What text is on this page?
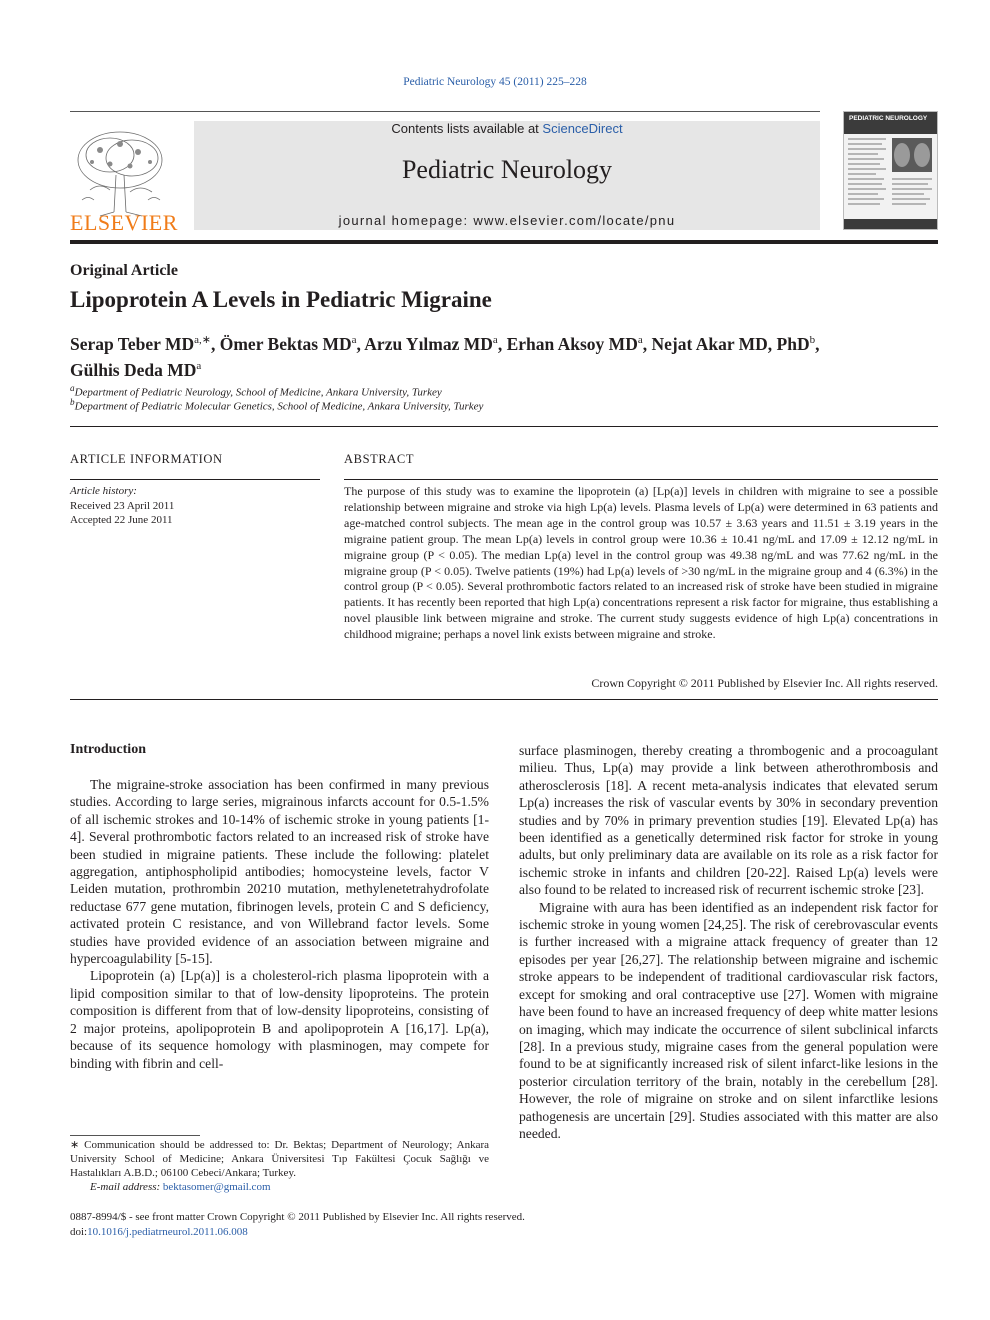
Pediatric Neurology 45 (2011) 225–228
ELSEVIER
Contents lists available at ScienceDirect
Pediatric Neurology
journal homepage: www.elsevier.com/locate/pnu
PEDIATRIC NEUROLOGY
Original Article
Lipoprotein A Levels in Pediatric Migraine
Serap Teber $MD^{a,∗}$, Ömer Bektas $MD^a$, Arzu Yılmaz $MD^a$, Erhan Aksoy $MD^a$, Nejat Akar MD, PhD$^b$,
Gülhis Deda $MD^a$
$^a$Department of Pediatric Neurology, School of Medicine, Ankara University, Turkey
$^b$Department of Pediatric Molecular Genetics, School of Medicine, Ankara University, Turkey
ARTICLE INFORMATION	ABSTRACT
Article history:
Received 23 April 2011
Accepted 22 June 2011
The purpose of this study was to examine the lipoprotein (a) [Lp(a)] levels in children with migraine to see a possible relationship between migraine and stroke via high Lp(a) levels. Plasma levels of Lp(a) were determined in 63 patients and age-matched control subjects. The mean age in the control group was 10.57 ± 3.63 years and 11.51 ± 3.19 years in the migraine patient group. The mean Lp(a) levels in control group were 10.36 ± 10.41 ng/mL and 17.09 ± 12.12 ng/mL in migraine group (P < 0.05). The median Lp(a) level in the control group was 49.38 ng/mL and was 77.62 ng/mL in the migraine group (P < 0.05). Twelve patients (19%) had Lp(a) levels of >30 ng/mL in the migraine group and 4 (6.3%) in the control group (P < 0.05). Several prothrombotic factors related to an increased risk of stroke have been studied in migraine patients. It has recently been reported that high Lp(a) concentrations represent a risk factor for migraine, thus establishing a novel plausible link between migraine and stroke. The current study suggests evidence of high Lp(a) concentrations in childhood migraine; perhaps a novel link exists between migraine and stroke.
Crown Copyright © 2011 Published by Elsevier Inc. All rights reserved.
Introduction

The migraine-stroke association has been confirmed in many previous studies. According to large series, migrainous infarcts account for 0.5-1.5% of all ischemic strokes and 10-14% of ischemic stroke in young patients [1-4]. Several prothrombotic factors related to an increased risk of stroke have been studied in migraine patients. These include the following: platelet aggregation, antiphospholipid antibodies; homocysteine levels, factor V Leiden mutation, prothrombin 20210 mutation, methylenetetrahydrofolate reductase 677 gene mutation, fibrinogen levels, protein C and S deficiency, activated protein C resistance, and von Willebrand factor levels. Some studies have provided evidence of an association between migraine and hypercoagulability [5-15].

Lipoprotein (a) [Lp(a)] is a cholesterol-rich plasma lipoprotein with a lipid composition similar to that of low-density lipoproteins. The protein composition is different from that of low-density lipoproteins, consisting of 2 major proteins, apolipoprotein B and apolipoprotein A [16,17]. Lp(a), because of its sequence homology with plasminogen, may compete for binding with fibrin and cell-

surface plasminogen, thereby creating a thrombogenic and a procoagulant milieu. Thus, Lp(a) may provide a link between atherothrombosis and atherosclerosis [18]. A recent meta-analysis indicates that elevated serum Lp(a) increases the risk of vascular events by 30% in secondary prevention studies and by 70% in primary prevention studies [19]. Elevated Lp(a) has been identified as a genetically determined risk factor for stroke in young adults, but only preliminary data are available on its role as a risk factor for ischemic stroke in infants and children [20-22]. Raised Lp(a) levels were also found to be related to increased risk of recurrent ischemic stroke [23].

Migraine with aura has been identified as an independent risk factor for ischemic stroke in young women [24,25]. The risk of cerebrovascular events is further increased with a migraine attack frequency of greater than 12 episodes per year [26,27]. The relationship between migraine and ischemic stroke appears to be independent of traditional cardiovascular risk factors, except for smoking and oral contraceptive use [27]. Women with migraine have been found to have an increased frequency of deep white matter lesions on imaging, which may indicate the occurrence of silent subclinical infarcts [28]. In a previous study, migraine cases from the general population were found to be at significantly increased risk of silent infarct-like lesions in the posterior circulation territory of the brain, notably in the cerebellum [28]. However, the role of migraine on stroke and on silent infarctlike lesions pathogenesis are uncertain [29]. Studies associated with this matter are also needed.

∗ Communication should be addressed to: Dr. Bektas; Department of Neurology; Ankara University School of Medicine; Ankara Üniversitesi Tıp Fakültesi Çocuk Sağlığı ve Hastalıkları A.B.D.; 06100 Cebeci/Ankara; Turkey.
E-mail address: bektasomer@gmail.com
0887-8994/$ - see front matter Crown Copyright © 2011 Published by Elsevier Inc. All rights reserved.
doi:10.1016/j.pediatrneurol.2011.06.008
